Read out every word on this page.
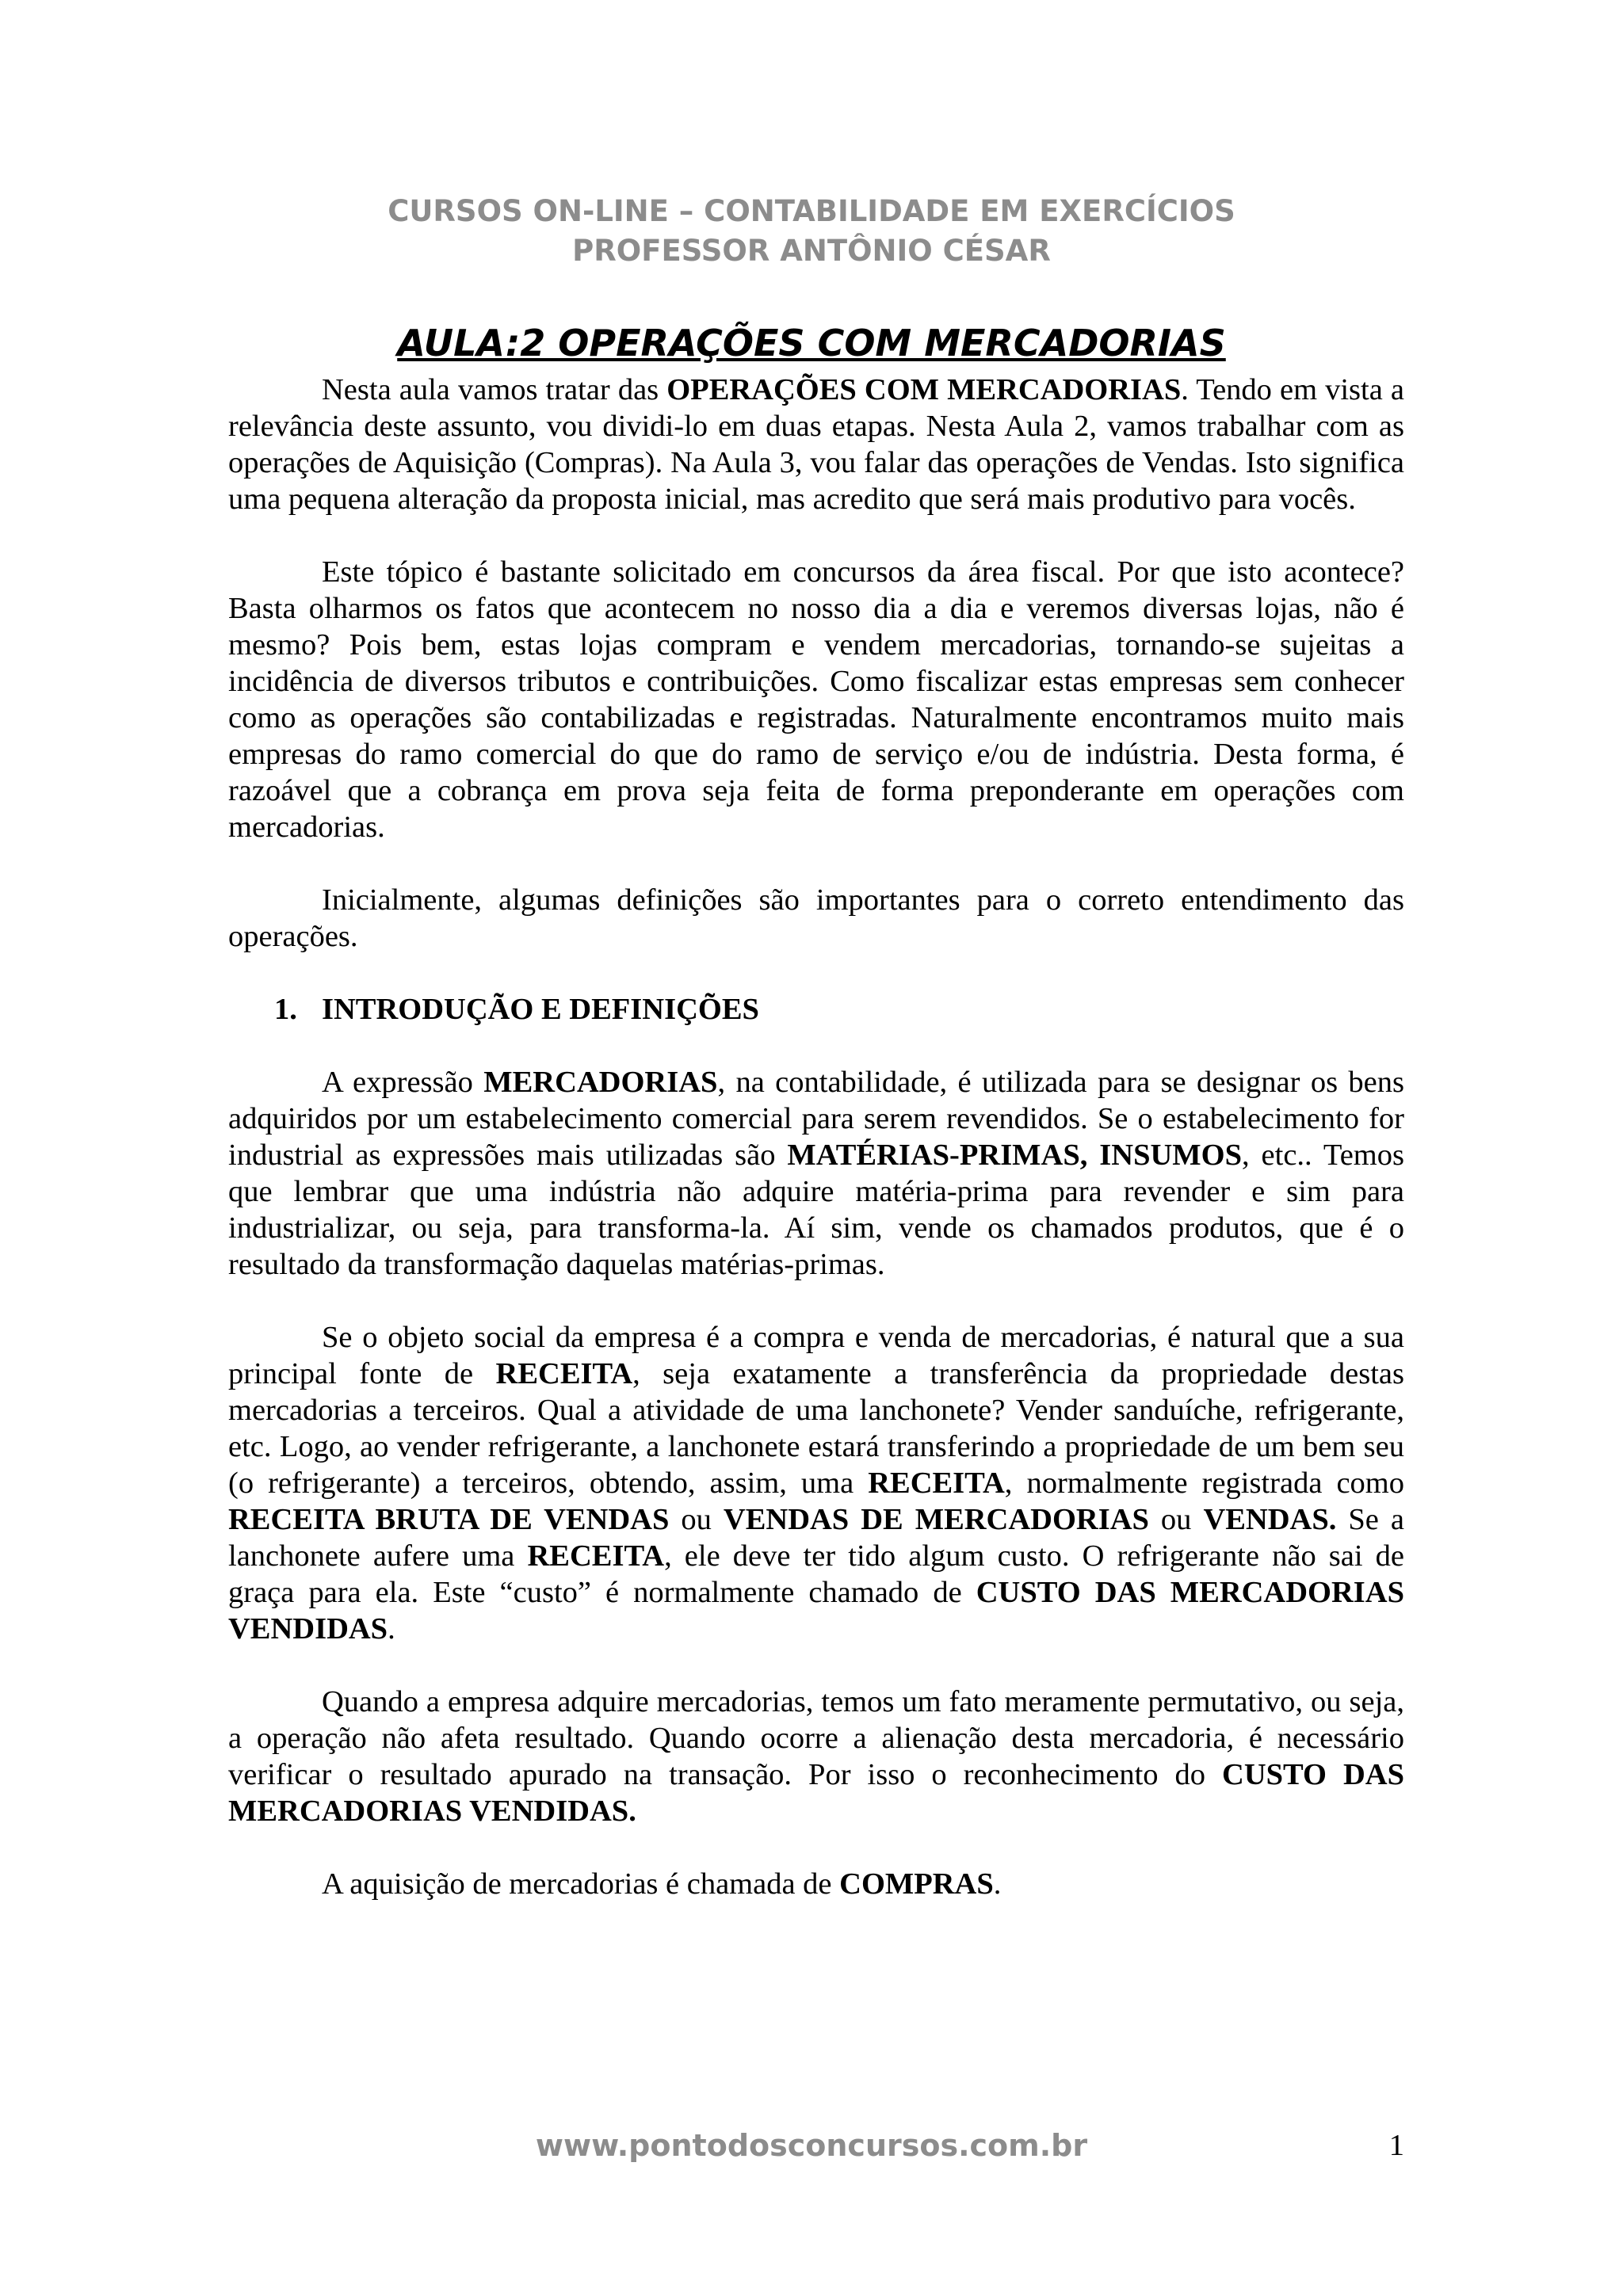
CURSOS ON-LINE – CONTABILIDADE EM EXERCÍCIOS
PROFESSOR ANTÔNIO CÉSAR
AULA:2 OPERAÇÕES COM MERCADORIAS

Nesta aula vamos tratar das OPERAÇÕES COM MERCADORIAS. Tendo em vista a relevância deste assunto, vou dividi-lo em duas etapas. Nesta Aula 2, vamos trabalhar com as operações de Aquisição (Compras). Na Aula 3, vou falar das operações de Vendas. Isto significa uma pequena alteração da proposta inicial, mas acredito que será mais produtivo para vocês.

Este tópico é bastante solicitado em concursos da área fiscal. Por que isto acontece? Basta olharmos os fatos que acontecem no nosso dia a dia e veremos diversas lojas, não é mesmo? Pois bem, estas lojas compram e vendem mercadorias, tornando-se sujeitas a incidência de diversos tributos e contribuições. Como fiscalizar estas empresas sem conhecer como as operações são contabilizadas e registradas. Naturalmente encontramos muito mais empresas do ramo comercial do que do ramo de serviço e/ou de indústria. Desta forma, é razoável que a cobrança em prova seja feita de forma preponderante em operações com mercadorias.

Inicialmente, algumas definições são importantes para o correto entendimento das operações.

1. INTRODUÇÃO E DEFINIÇÕES

A expressão MERCADORIAS, na contabilidade, é utilizada para se designar os bens adquiridos por um estabelecimento comercial para serem revendidos. Se o estabelecimento for industrial as expressões mais utilizadas são MATÉRIAS-PRIMAS, INSUMOS, etc.. Temos que lembrar que uma indústria não adquire matéria-prima para revender e sim para industrializar, ou seja, para transforma-la. Aí sim, vende os chamados produtos, que é o resultado da transformação daquelas matérias-primas.

Se o objeto social da empresa é a compra e venda de mercadorias, é natural que a sua principal fonte de RECEITA, seja exatamente a transferência da propriedade destas mercadorias a terceiros. Qual a atividade de uma lanchonete? Vender sanduíche, refrigerante, etc. Logo, ao vender refrigerante, a lanchonete estará transferindo a propriedade de um bem seu (o refrigerante) a terceiros, obtendo, assim, uma RECEITA, normalmente registrada como RECEITA BRUTA DE VENDAS ou VENDAS DE MERCADORIAS ou VENDAS. Se a lanchonete aufere uma RECEITA, ele deve ter tido algum custo. O refrigerante não sai de graça para ela. Este “custo” é normalmente chamado de CUSTO DAS MERCADORIAS VENDIDAS.

Quando a empresa adquire mercadorias, temos um fato meramente permutativo, ou seja, a operação não afeta resultado. Quando ocorre a alienação desta mercadoria, é necessário verificar o resultado apurado na transação. Por isso o reconhecimento do CUSTO DAS MERCADORIAS VENDIDAS.

A aquisição de mercadorias é chamada de COMPRAS.

www.pontodosconcursos.com.br	1
